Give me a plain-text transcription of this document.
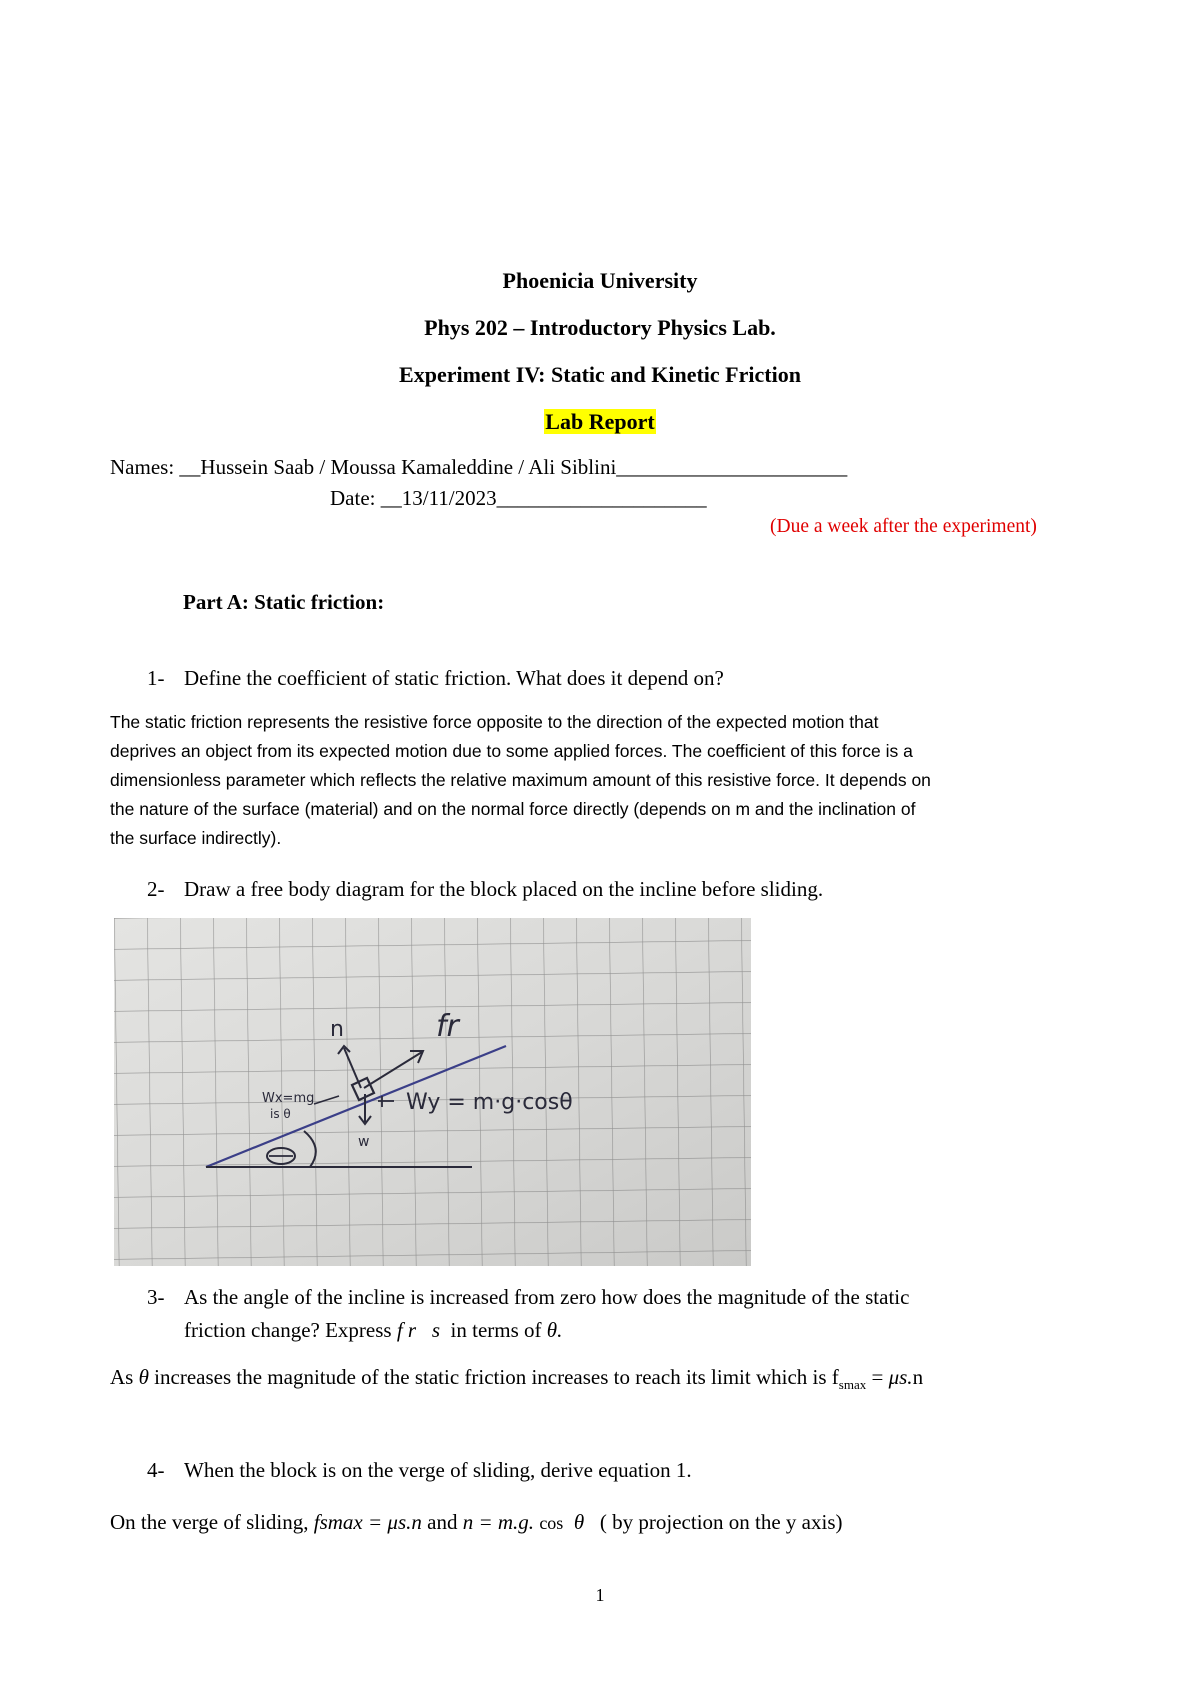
Phoenicia University
Phys 202 – Introductory Physics Lab.
Experiment IV: Static and Kinetic Friction
Lab Report
Names: __Hussein Saab / Moussa Kamaleddine / Ali Siblini______________________
Date: __13/11/2023____________________
(Due a week after the experiment)
Part A: Static friction:
1- Define the coefficient of static friction. What does it depend on?
The static friction represents the resistive force opposite to the direction of the expected motion that
deprives an object from its expected motion due to some applied forces. The coefficient of this force is a
dimensionless parameter which reflects the relative maximum amount of this resistive force. It depends on
the nature of the surface (material) and on the normal force directly (depends on m and the inclination of
the surface indirectly).
2- Draw a free body diagram for the block placed on the incline before sliding.
n	fr
w
Wy = m·g·cosθ
Wx=mg
is θ
3- As the angle of the incline is increased from zero how does the magnitude of the static
friction change? Express f r   s in terms of θ.
As θ increases the magnitude of the static friction increases to reach its limit which is $f_{smax} = \mu s.n$
4- When the block is on the verge of sliding, derive equation 1.
On the verge of sliding, fsmax = μs.n and n = m.g. cos θ ( by projection on the y axis)
1
